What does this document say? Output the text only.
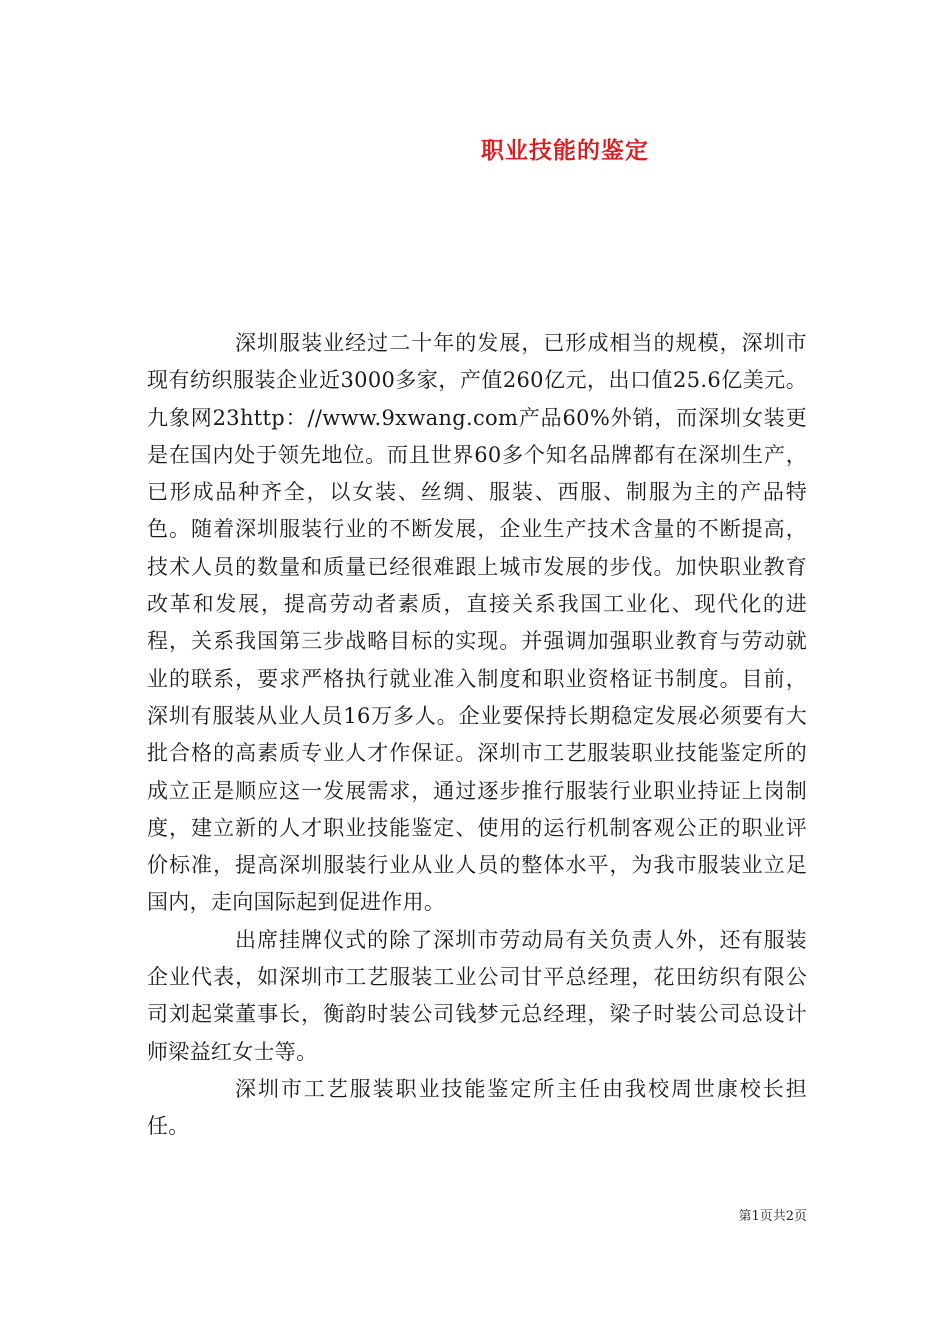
职业技能的鉴定

深圳服装业经过二十年的发展，已形成相当的规模，深圳市现有纺织服装企业近3000多家，产值260亿元，出口值25.6亿美元。九象网23http：//www.9xwang.com产品60%外销，而深圳女装更是在国内处于领先地位。而且世界60多个知名品牌都有在深圳生产，已形成品种齐全，以女装、丝绸、服装、西服、制服为主的产品特色。随着深圳服装行业的不断发展，企业生产技术含量的不断提高，技术人员的数量和质量已经很难跟上城市发展的步伐。加快职业教育改革和发展，提高劳动者素质，直接关系我国工业化、现代化的进程，关系我国第三步战略目标的实现。并强调加强职业教育与劳动就业的联系，要求严格执行就业准入制度和职业资格证书制度。目前，深圳有服装从业人员16万多人。企业要保持长期稳定发展必须要有大批合格的高素质专业人才作保证。深圳市工艺服装职业技能鉴定所的成立正是顺应这一发展需求，通过逐步推行服装行业职业持证上岗制度，建立新的人才职业技能鉴定、使用的运行机制客观公正的职业评价标准，提高深圳服装行业从业人员的整体水平，为我市服装业立足国内，走向国际起到促进作用。

出席挂牌仪式的除了深圳市劳动局有关负责人外，还有服装企业代表，如深圳市工艺服装工业公司甘平总经理，花田纺织有限公司刘起棠董事长，衡韵时装公司钱梦元总经理，梁子时装公司总设计师梁益红女士等。

深圳市工艺服装职业技能鉴定所主任由我校周世康校长担任。

第1页共2页
